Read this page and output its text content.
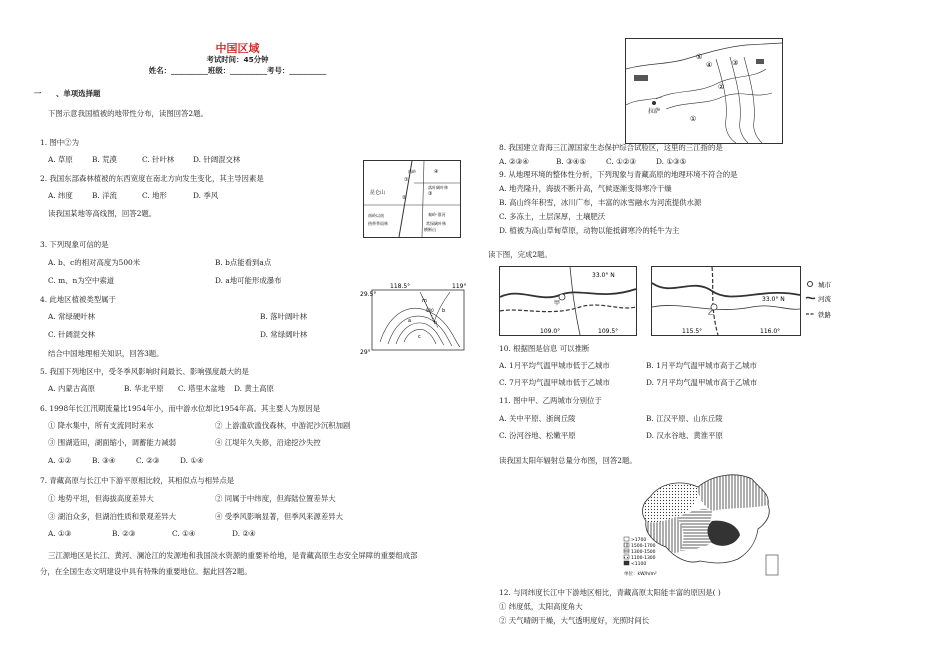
中国区域
考试时间：45分钟
姓名：__________班级：__________考号：__________
一 、单项选择题
下图示意我国植被的地带性分布，读图回答2题。
1. 图中②为
A. 草原	B. 荒漠	C. 针叶林	D. 针阔混交林
2. 我国东部森林植被的东西宽度在南北方向发生变化，其主导因素是
A. 纬度	B. 洋流	C. 地形	D. 季风
读我国某地等高线图，回答2题。
3. 下列现象可信的是
A. b、c的相对高度为500米	B. b点能看到a点
C. m、n为空中索道	D. a地可能形成瀑布
4. 此地区植被类型属于
A. 常绿硬叶林	B. 落叶阔叶林
C. 针阔混交林	D. 常绿阔叶林
结合中国地理相关知识，回答3题。
5. 我国下列地区中，受冬季风影响时间最长、影响强度最大的是
A. 内蒙古高原	B. 华北平原 C. 塔里木盆地 D. 黄土高原
6. 1998年长江汛期流量比1954年小，而中游水位却比1954年高。其主要人为原因是
① 降水集中，所有支流同时来水	② 上游滥砍滥伐森林，中游泥沙沉积加剧
③ 围湖造田，湖面缩小，调蓄能力减弱	④ 江堤年久失修，沿途挖沙失控
A. ①②	B. ③④	C. ②③	D. ①④
7. 青藏高原与长江中下游平原相比较，其相似点与相异点是
① 地势平坦，但海拔高度差异大	② 同属于中纬度，但海陆位置差异大
③ 湖泊众多，但湖泊性质和景观差异大	④ 受季风影响显著，但季风来源差异大
A. ①③	B. ②③	C. ①④	D. ②④
三江源地区是长江、黄河、澜沧江的发源地和我国淡水资源的重要补给地，是青藏高原生态安全屏障的重要组成部
分，在全国生态文明建设中具有特殊的重要地位。据此回答2题。
昆仑山
秦岭-淮河
南岭
南岭以南
横断山
①
②
③
④
常绿阔叶林
落叶阔叶林
热带季雨林
118.5°	119°
29.5°
29°
a
b
c
m
n
500
①
②
③
④
⑤
拉萨
8. 我国建立青海三江源国家生态保护综合试验区，这里的三江指的是
A. ②③④	B. ③④⑤	C. ①②③	D. ①③⑤
9. 从地理环境的整体性分析，下列现象与青藏高原的地理环境不符合的是
A. 地壳隆升，海拔不断升高，气候逐渐变得寒冷干燥
B. 高山终年积雪，冰川广布，丰富的冰雪融水为河流提供水源
C. 多冻土，土层深厚，土壤肥沃
D. 植被为高山草甸草原，动物以能抵御寒冷的牦牛为主
读下图，完成2题。
33.0° N
109.0°	109.5°
甲
33.0° N
115.5°	116.0°
乙
城市
河流
铁路
10. 根据图是信息 可以推断
A. 1月平均气温甲城市低于乙城市	B. 1月平均气温甲城市高于乙城市
C. 7月平均气温甲城市低于乙城市	D. 7月平均气温甲城市高于乙城市
11. 图中甲、乙两城市分别位于
A. 关中平原、浙闽丘陵	B. 江汉平原、山东丘陵
C. 汾河谷地、松嫩平原	D. 汉水谷地、黄淮平原
读我国太阳年辐射总量分布图，回答2题。
>1700
1500-1700
1300-1500
1100-1300
<1100
单位：kW/h/m²
12. 与同纬度长江中下游地区相比，青藏高原太阳能丰富的原因是( )
① 纬度低，太阳高度角大
② 天气晴朗干燥，大气透明度好，光照时间长
